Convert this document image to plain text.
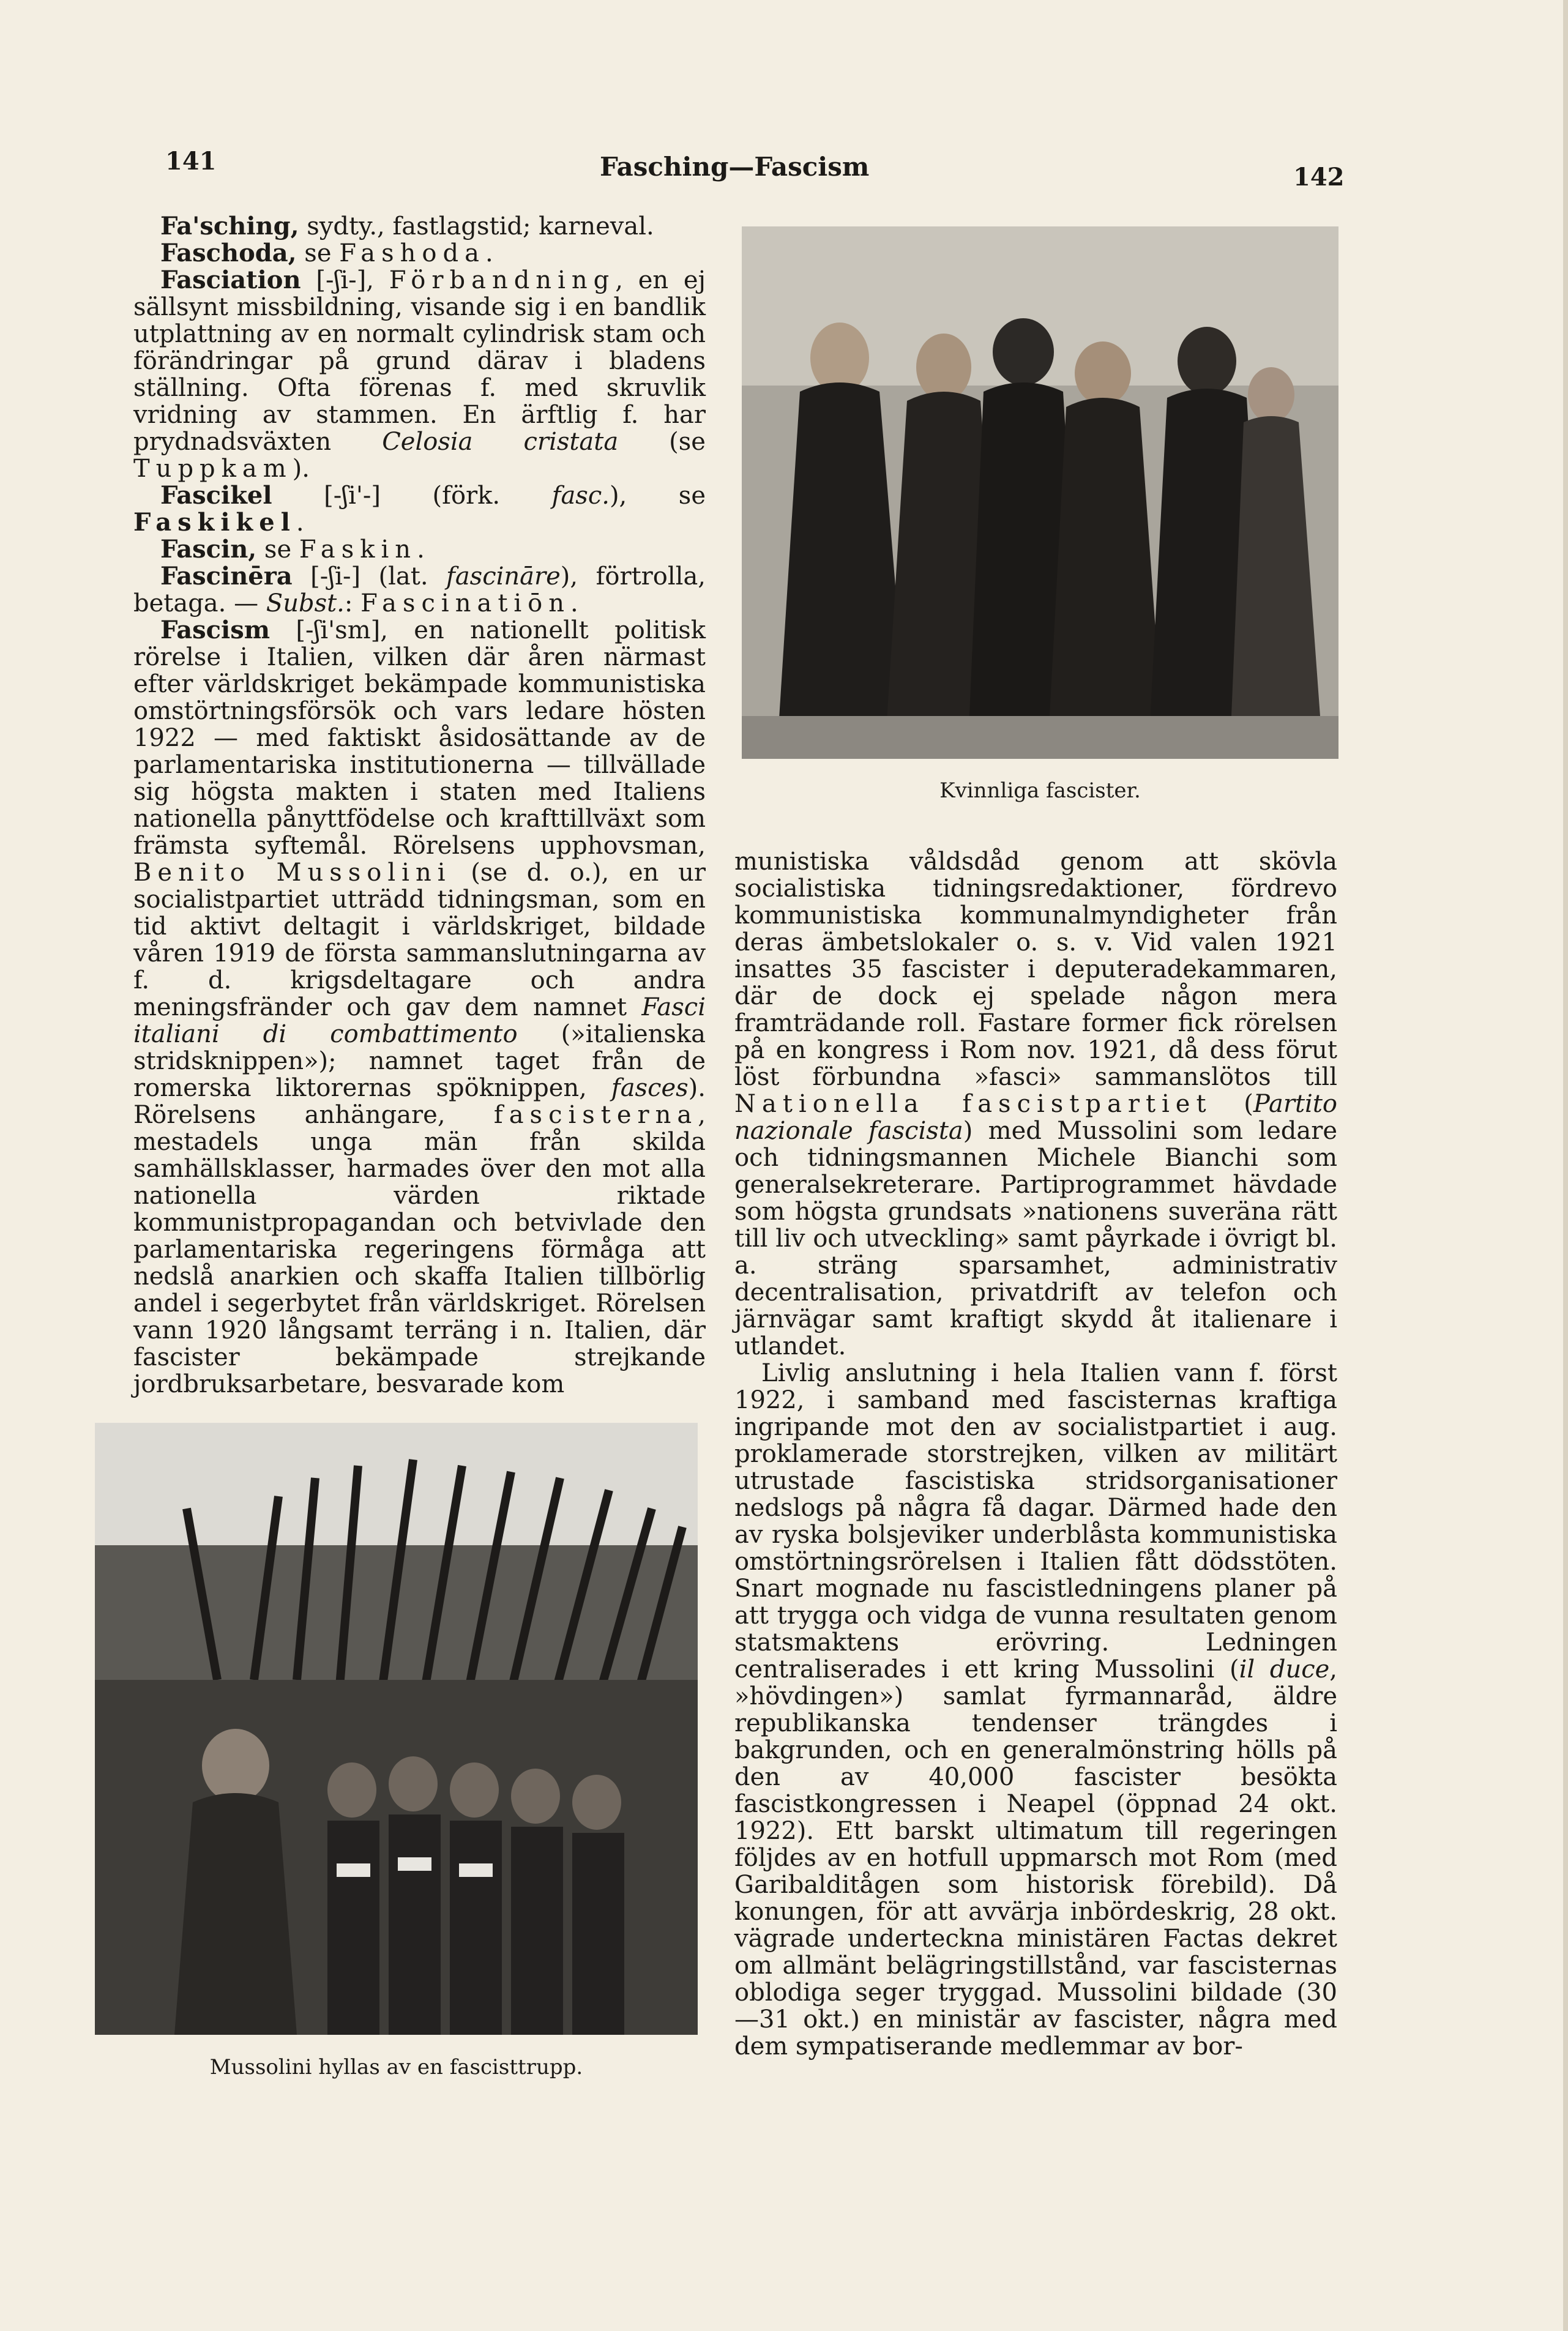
141	Fasching—Fascism	142

Fa'sching, sydty., fastlagstid; karneval.

Faschoda, se Fashoda.

Fasciation [-ʃi-], Förbandning, en ej sällsynt missbildning, visande sig i en bandlik utplattning av en normalt cylindrisk stam och förändringar på grund därav i bladens ställning. Ofta förenas f. med skruvlik vridning av stammen. En ärftlig f. har prydnadsväxten Celosia cristata (se Tuppkam).

Fascikel [-ʃi'-] (förk. fasc.), se Faskikel.

Fascin, se Faskin.

Fascinēra [-ʃi-] (lat. fascināre), förtrolla, betaga. — Subst.: Fascinatiōn.

Fascism [-ʃi'sm], en nationellt politisk rörelse i Italien, vilken där åren närmast efter världskriget bekämpade kommunistiska omstörtningsförsök och vars ledare hösten 1922 — med faktiskt åsidosättande av de parlamentariska institutionerna — tillvällade sig högsta makten i staten med Italiens nationella pånyttfödelse och krafttillväxt som främsta syftemål. Rörelsens upphovsman, Benito Mussolini (se d. o.), en ur socialistpartiet utträdd tidningsman, som en tid aktivt deltagit i världskriget, bildade våren 1919 de första sammanslutningarna av f. d. krigsdeltagare och andra meningsfränder och gav dem namnet Fasci italiani di combattimento (»italienska stridsknippen»); namnet taget från de romerska liktorernas spöknippen, fasces). Rörelsens anhängare, fascisterna, mestadels unga män från skilda samhällsklasser, harmades över den mot alla nationella värden riktade kommunistpropagandan och betvivlade den parlamentariska regeringens förmåga att nedslå anarkien och skaffa Italien tillbörlig andel i segerbytet från världskriget. Rörelsen vann 1920 långsamt terräng i n. Italien, där fascister bekämpade strejkande jordbruksarbetare, besvarade kom

Kvinnliga fascister.
Mussolini hyllas av en fascisttrupp.

munistiska våldsdåd genom att skövla socialistiska tidningsredaktioner, fördrevo kommunistiska kommunalmyndigheter från deras ämbetslokaler o. s. v. Vid valen 1921 insattes 35 fascister i deputeradekammaren, där de dock ej spelade någon mera framträdande roll. Fastare former fick rörelsen på en kongress i Rom nov. 1921, då dess förut löst förbundna »fasci» sammanslötos till Nationella fascistpartiet (Partito nazionale fascista) med Mussolini som ledare och tidningsmannen Michele Bianchi som generalsekreterare. Partiprogrammet hävdade som högsta grundsats »nationens suveräna rätt till liv och utveckling» samt påyrkade i övrigt bl. a. sträng sparsamhet, administrativ decentralisation, privatdrift av telefon och järnvägar samt kraftigt skydd åt italienare i utlandet.

Livlig anslutning i hela Italien vann f. först 1922, i samband med fascisternas kraftiga ingripande mot den av socialistpartiet i aug. proklamerade storstrejken, vilken av militärt utrustade fascistiska stridsorganisationer nedslogs på några få dagar. Därmed hade den av ryska bolsjeviker underblåsta kommunistiska omstörtningsrörelsen i Italien fått dödsstöten. Snart mognade nu fascistledningens planer på att trygga och vidga de vunna resultaten genom statsmaktens erövring. Ledningen centraliserades i ett kring Mussolini (il duce, »hövdingen») samlat fyrmannaråd, äldre republikanska tendenser trängdes i bakgrunden, och en generalmönstring hölls på den av 40,000 fascister besökta fascistkongressen i Neapel (öppnad 24 okt. 1922). Ett barskt ultimatum till regeringen följdes av en hotfull uppmarsch mot Rom (med Garibalditågen som historisk förebild). Då konungen, för att avvärja inbördeskrig, 28 okt. vägrade underteckna ministären Factas dekret om allmänt belägringstillstånd, var fascisternas oblodiga seger tryggad. Mussolini bildade (30 —31 okt.) en ministär av fascister, några med dem sympatiserande medlemmar av bor-
